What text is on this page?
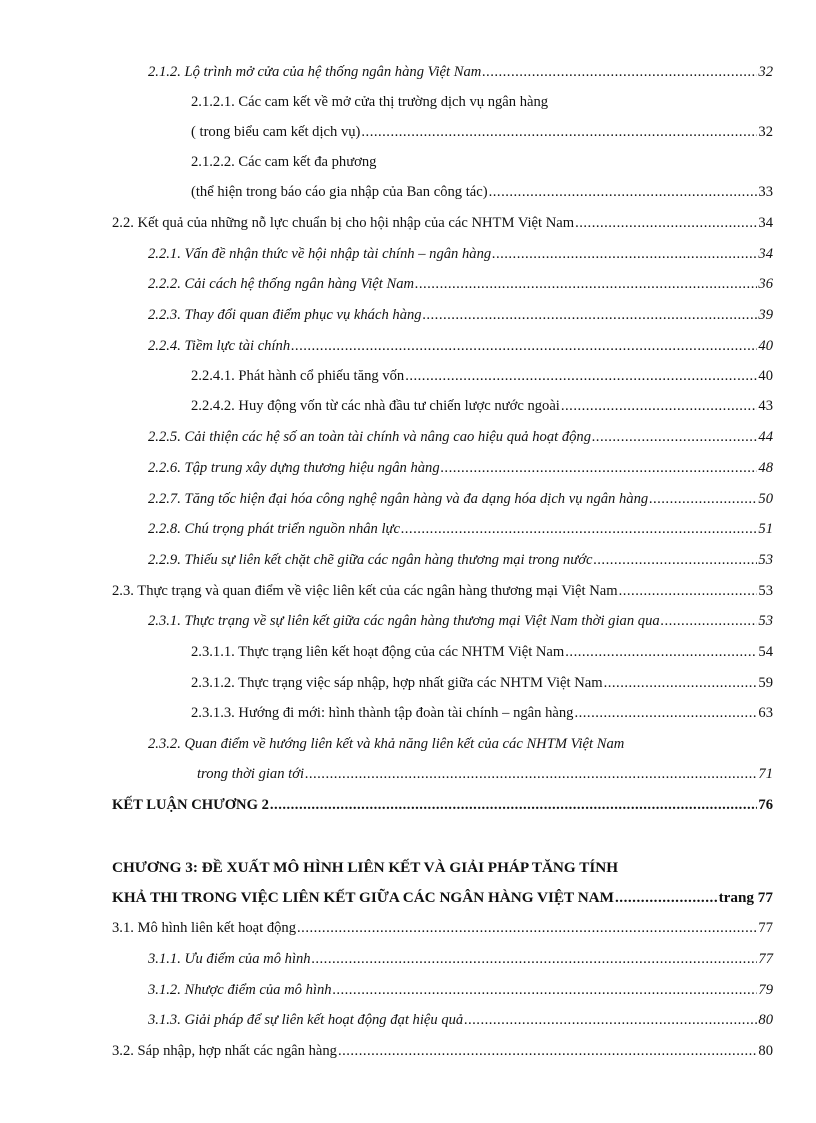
2.1.2. Lộ trình mở cửa của hệ thống ngân hàng Việt Nam .....	32
2.1.2.1. Các cam kết về mở cửa thị trường dịch vụ ngân hàng
( trong biểu cam kết dịch vụ) .....	32
2.1.2.2. Các cam kết đa phương
(thể hiện trong báo cáo gia nhập của Ban công tác) .....	33
2.2. Kết quả của những nỗ lực chuẩn bị cho hội nhập của các NHTM Việt Nam .....	34
2.2.1. Vấn đề nhận thức về hội nhập tài chính – ngân hàng .....	34
2.2.2. Cải cách hệ thống ngân hàng Việt Nam .....	36
2.2.3. Thay đổi quan điểm phục vụ khách hàng .....	39
2.2.4. Tiềm lực tài chính .....	40
2.2.4.1. Phát hành cổ phiếu tăng vốn .....	40
2.2.4.2. Huy động vốn từ các nhà đầu tư chiến lược nước ngoài .....	43
2.2.5. Cải thiện các hệ số an toàn tài chính và nâng cao hiệu quả hoạt động .....	44
2.2.6. Tập trung xây dựng thương hiệu ngân hàng .....	48
2.2.7. Tăng tốc hiện đại hóa công nghệ ngân hàng và đa dạng hóa dịch vụ ngân hàng .....	50
2.2.8. Chú trọng phát triển nguồn nhân lực .....	51
2.2.9. Thiếu sự liên kết chặt chẽ giữa các ngân hàng thương mại trong nước .....	53
2.3. Thực trạng và quan điểm về việc liên kết của các ngân hàng thương mại Việt Nam .....	53
2.3.1. Thực trạng về sự liên kết giữa các ngân hàng thương mại Việt Nam thời gian qua .....	53
2.3.1.1. Thực trạng liên kết hoạt động của các NHTM Việt Nam .....	54
2.3.1.2. Thực trạng việc sáp nhập, hợp nhất giữa các NHTM Việt Nam .....	59
2.3.1.3. Hướng đi mới: hình thành tập đoàn tài chính – ngân hàng .....	63
2.3.2. Quan điểm về hướng liên kết và khả năng liên kết của các NHTM Việt Nam
trong thời gian tới .....	71
KẾT LUẬN CHƯƠNG 2 .....	76
CHƯƠNG 3: ĐỀ XUẤT MÔ HÌNH LIÊN KẾT VÀ GIẢI PHÁP TĂNG TÍNH
KHẢ THI TRONG VIỆC LIÊN KẾT GIỮA CÁC NGÂN HÀNG VIỆT NAM .....	trang 77
3.1. Mô hình liên kết hoạt động .....	77
3.1.1. Ưu điểm của mô hình .....	77
3.1.2. Nhược điểm của mô hình .....	79
3.1.3. Giải pháp để sự liên kết hoạt động đạt hiệu quả .....	80
3.2. Sáp nhập, hợp nhất các ngân hàng .....	80
